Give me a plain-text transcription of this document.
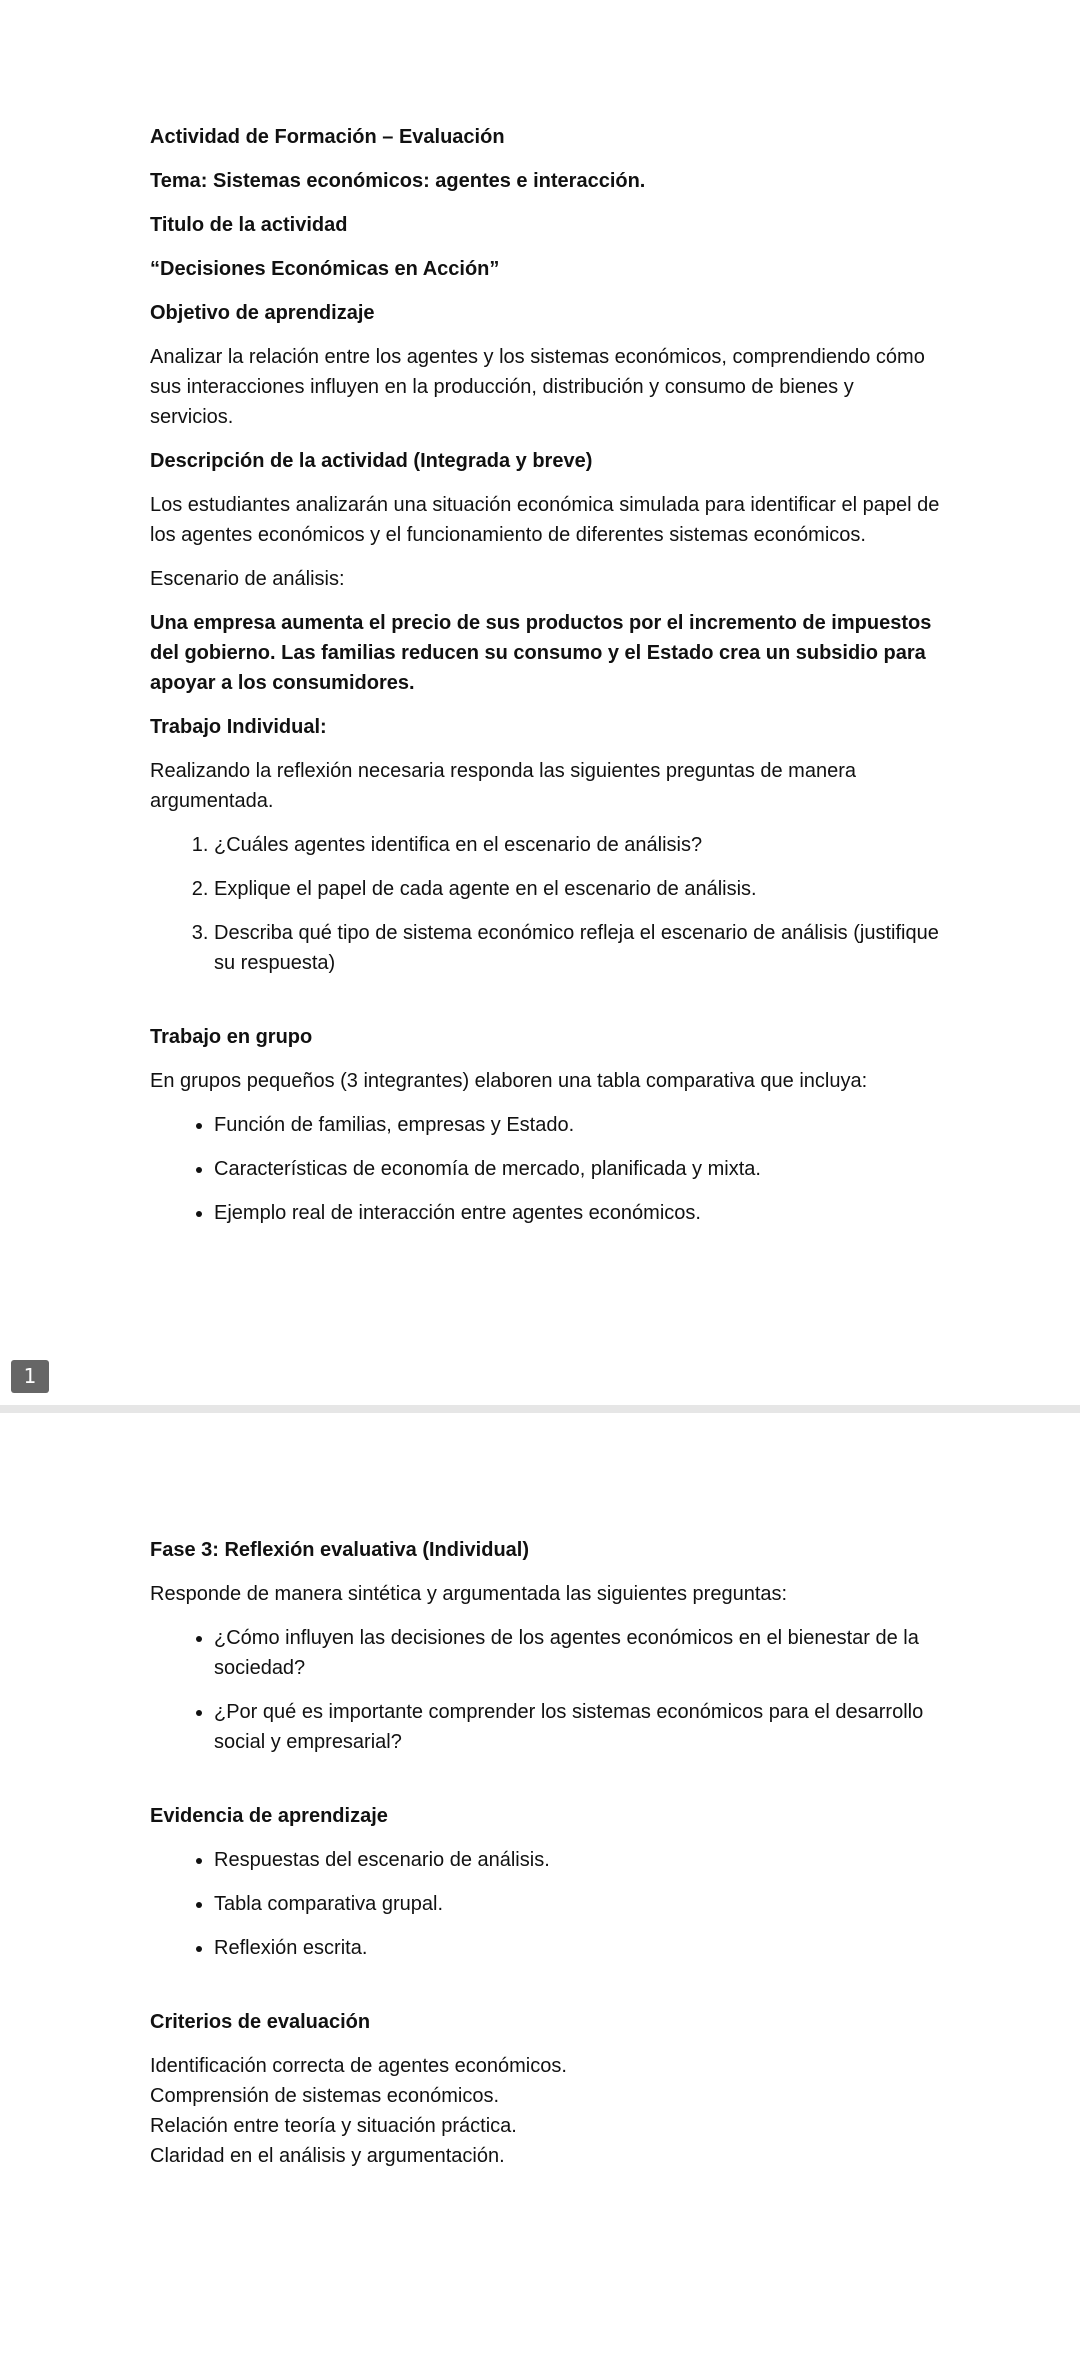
Actividad de Formación – Evaluación

Tema: Sistemas económicos: agentes e interacción.

Titulo de la actividad

“Decisiones Económicas en Acción”

Objetivo de aprendizaje

Analizar la relación entre los agentes y los sistemas económicos, comprendiendo cómo sus interacciones influyen en la producción, distribución y consumo de bienes y servicios.

Descripción de la actividad (Integrada y breve)

Los estudiantes analizarán una situación económica simulada para identificar el papel de los agentes económicos y el funcionamiento de diferentes sistemas económicos.

Escenario de análisis:

Una empresa aumenta el precio de sus productos por el incremento de impuestos del gobierno. Las familias reducen su consumo y el Estado crea un subsidio para apoyar a los consumidores.

Trabajo Individual:

Realizando la reflexión necesaria responda las siguientes preguntas de manera argumentada.

1. ¿Cuáles agentes identifica en el escenario de análisis?
2. Explique el papel de cada agente en el escenario de análisis.
3. Describa qué tipo de sistema económico refleja el escenario de análisis (justifique su respuesta)

Trabajo en grupo

En grupos pequeños (3 integrantes) elaboren una tabla comparativa que incluya:

• Función de familias, empresas y Estado.
• Características de economía de mercado, planificada y mixta.
• Ejemplo real de interacción entre agentes económicos.
1

Fase 3: Reflexión evaluativa (Individual)

Responde de manera sintética y argumentada las siguientes preguntas:

• ¿Cómo influyen las decisiones de los agentes económicos en el bienestar de la sociedad?
• ¿Por qué es importante comprender los sistemas económicos para el desarrollo social y empresarial?

Evidencia de aprendizaje

• Respuestas del escenario de análisis.
• Tabla comparativa grupal.
• Reflexión escrita.

Criterios de evaluación

Identificación correcta de agentes económicos.

Comprensión de sistemas económicos.

Relación entre teoría y situación práctica.

Claridad en el análisis y argumentación.
